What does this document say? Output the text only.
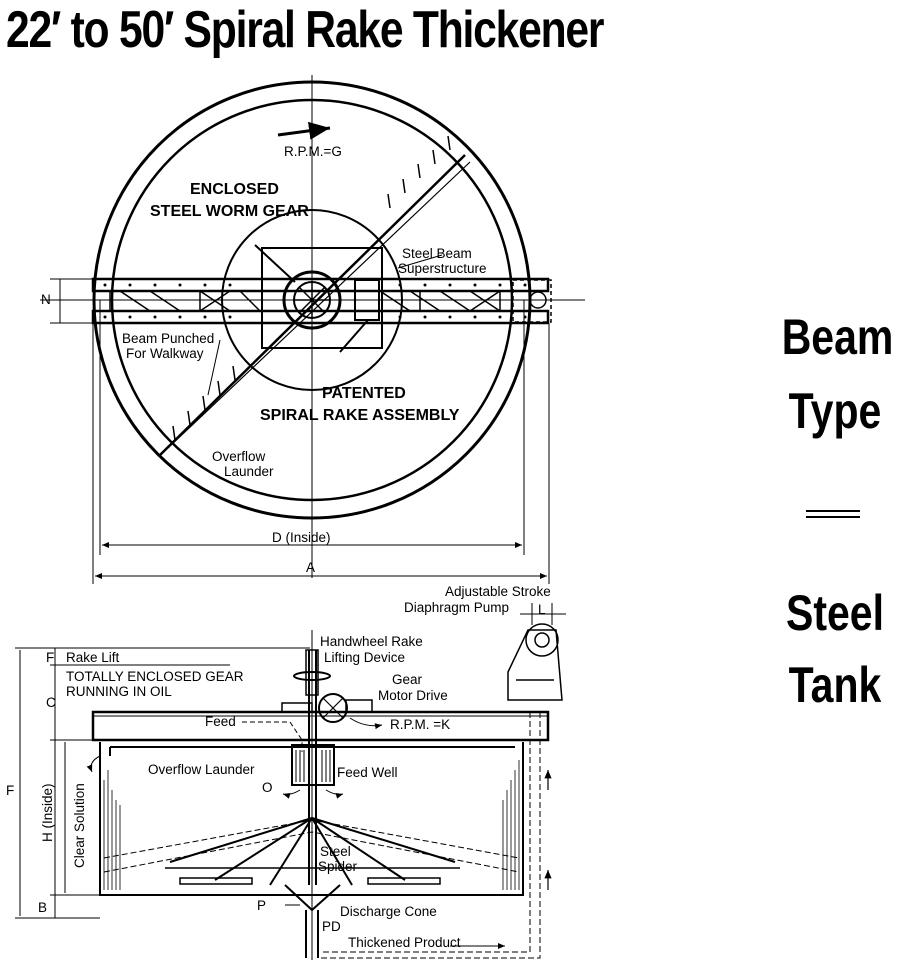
22′ to 50′ Spiral Rake Thickener
Beam
Type
Steel
Tank
R.P.M.=G
ENCLOSED
STEEL WORM GEAR
Steel Beam
Superstructure
N
Beam Punched
For Walkway
PATENTED
SPIRAL RAKE ASSEMBLY
Overflow
Launder
D (Inside)
A
Adjustable Stroke
Diaphragm Pump L
F Rake Lift
Handwheel Rake
Lifting Device
TOTALLY ENCLOSED GEAR
RUNNING IN OIL
C
Gear
Motor Drive
Feed	R.P.M. =K
Overflow Launder	Feed Well
O
F H (Inside) Clear Solution	Steel
Spider
B	P	Discharge Cone
PD
Thickened Product
